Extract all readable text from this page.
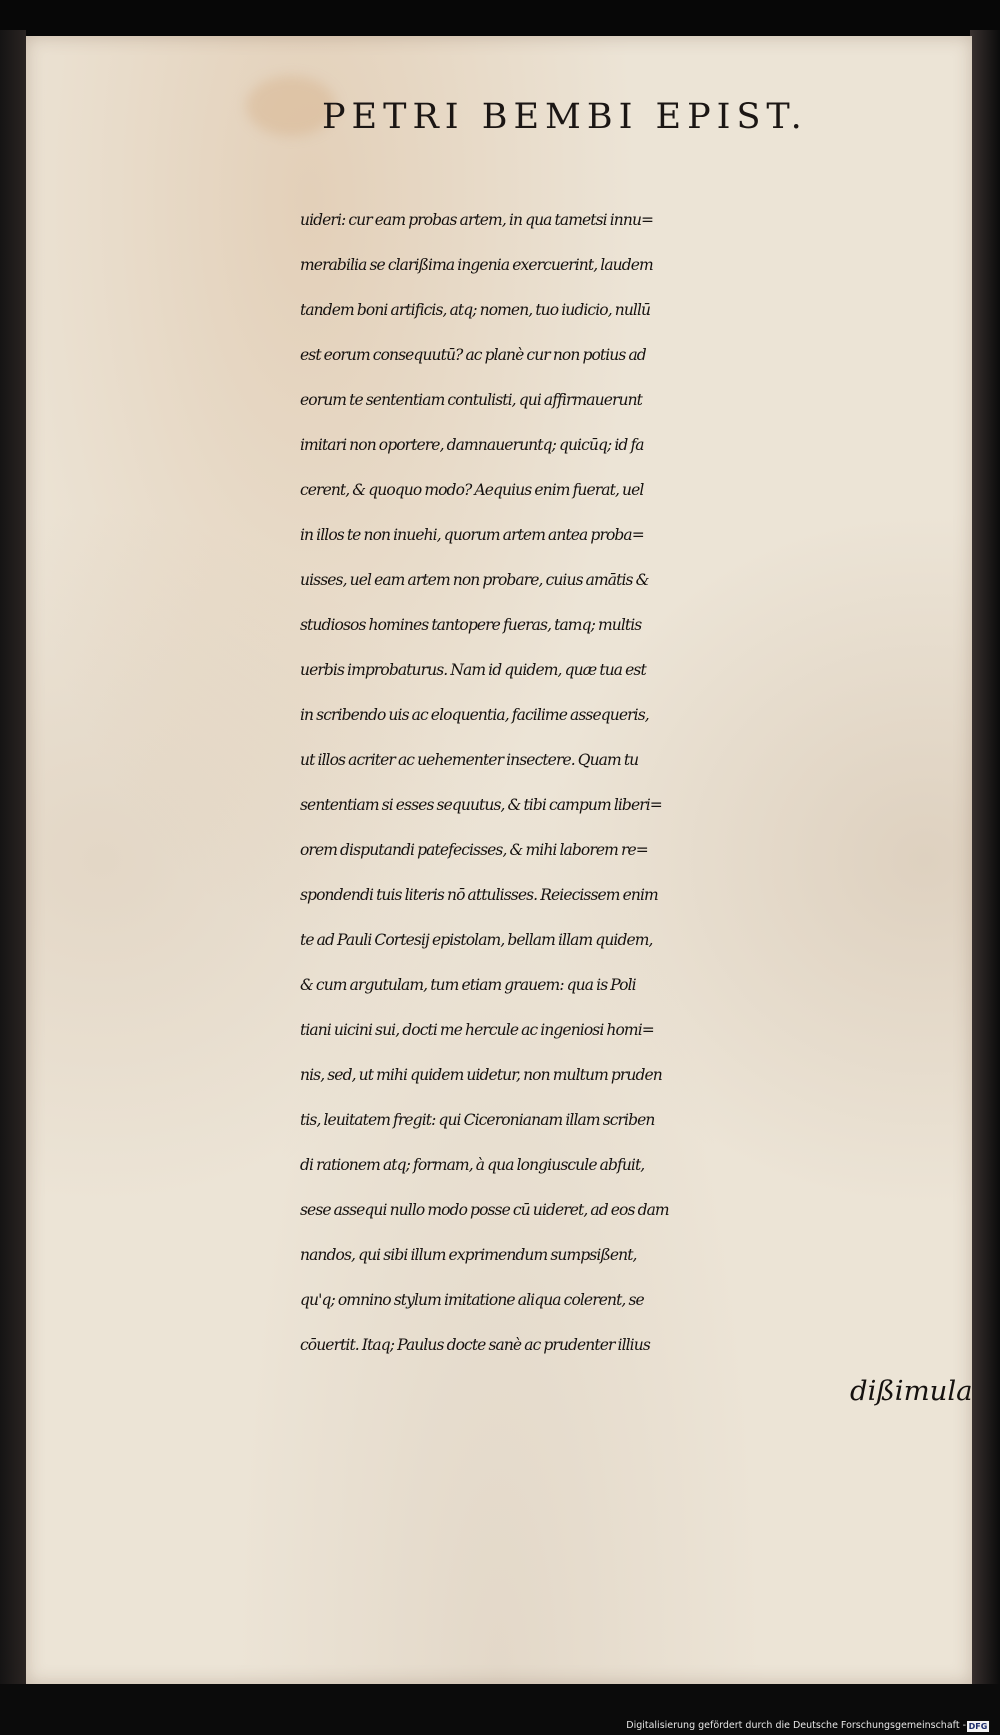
PETRI BEMBI EPIST.
uideri: cur eam probas artem, in qua tametsi innu=
merabilia se clarißima ingenia exercuerint, laudem
tandem boni artificis, atq; nomen, tuo iudicio, nullū
est eorum consequutū? ac planè cur non potius ad
eorum te sententiam contulisti, qui affirmauerunt
imitari non oportere, damnaueruntq; quicūq; id fa
cerent, & quoquo modo? Aequius enim fuerat, uel
in illos te non inuehi, quorum artem antea proba=
uisses, uel eam artem non probare, cuius amātis &
studiosos homines tantopere fueras, tamq; multis
uerbis improbaturus. Nam id quidem, quæ tua est
in scribendo uis ac eloquentia, facilime assequeris,
ut illos acriter ac uehementer insectere. Quam tu
sententiam si esses sequutus, & tibi campum liberi=
orem disputandi patefecisses, & mihi laborem re=
spondendi tuis literis nō attulisses. Reiecissem enim
te ad Pauli Cortesij epistolam, bellam illam quidem,
& cum argutulam, tum etiam grauem: qua is Poli
tiani uicini sui, docti me hercule ac ingeniosi homi=
nis, sed, ut mihi quidem uidetur, non multum pruden
tis, leuitatem fregit: qui Ciceronianam illam scriben
di rationem atq; formam, à qua longiuscule abfuit,
sese assequi nullo modo posse cū uideret, ad eos dam
nandos, qui sibi illum exprimendum sumpsißent,
qu'q; omnino stylum imitatione aliqua colerent, se
cōuertit. Itaq; Paulus docte sanè ac prudenter illius

dißimula

Digitalisierung gefördert durch die Deutsche Forschungsgemeinschaft - DFG
